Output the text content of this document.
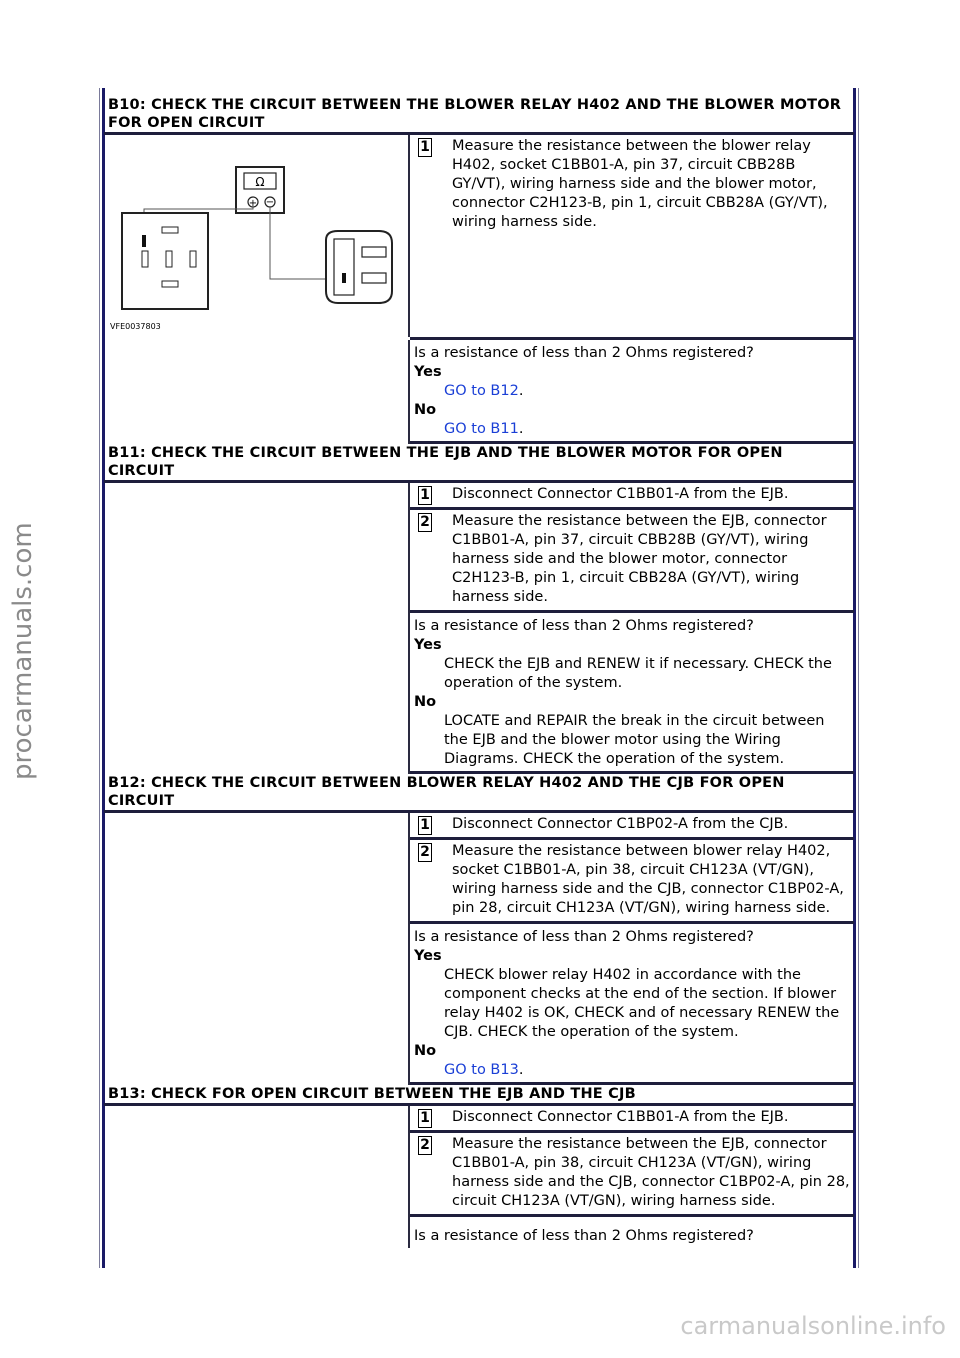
procarmanuals.com
B10: CHECK THE CIRCUIT BETWEEN THE BLOWER RELAY H402 AND THE BLOWER MOTOR FOR OPEN CIRCUIT
Ω
+ −
VFE0037803
1 Measure the resistance between the blower relay H402, socket C1BB01-A, pin 37, circuit CBB28B GY/VT), wiring harness side and the blower motor, connector C2H123-B, pin 1, circuit CBB28A (GY/VT), wiring harness side.
Is a resistance of less than 2 Ohms registered?
Yes
GO to B12.
No
GO to B11.
B11: CHECK THE CIRCUIT BETWEEN THE EJB AND THE BLOWER MOTOR FOR OPEN CIRCUIT
1 Disconnect Connector C1BB01-A from the EJB.
2 Measure the resistance between the EJB, connector C1BB01-A, pin 37, circuit CBB28B (GY/VT), wiring harness side and the blower motor, connector C2H123-B, pin 1, circuit CBB28A (GY/VT), wiring harness side.
Is a resistance of less than 2 Ohms registered?
Yes
CHECK the EJB and RENEW it if necessary. CHECK the operation of the system.
No
LOCATE and REPAIR the break in the circuit between the EJB and the blower motor using the Wiring Diagrams. CHECK the operation of the system.
B12: CHECK THE CIRCUIT BETWEEN BLOWER RELAY H402 AND THE CJB FOR OPEN CIRCUIT
1 Disconnect Connector C1BP02-A from the CJB.
2 Measure the resistance between blower relay H402, socket C1BB01-A, pin 38, circuit CH123A (VT/GN), wiring harness side and the CJB, connector C1BP02-A, pin 28, circuit CH123A (VT/GN), wiring harness side.
Is a resistance of less than 2 Ohms registered?
Yes
CHECK blower relay H402 in accordance with the component checks at the end of the section. If blower relay H402 is OK, CHECK and of necessary RENEW the CJB. CHECK the operation of the system.
No
GO to B13.
B13: CHECK FOR OPEN CIRCUIT BETWEEN THE EJB AND THE CJB
1 Disconnect Connector C1BB01-A from the EJB.
2 Measure the resistance between the EJB, connector C1BB01-A, pin 38, circuit CH123A (VT/GN), wiring harness side and the CJB, connector C1BP02-A, pin 28, circuit CH123A (VT/GN), wiring harness side.
Is a resistance of less than 2 Ohms registered?
carmanualsonline.info
